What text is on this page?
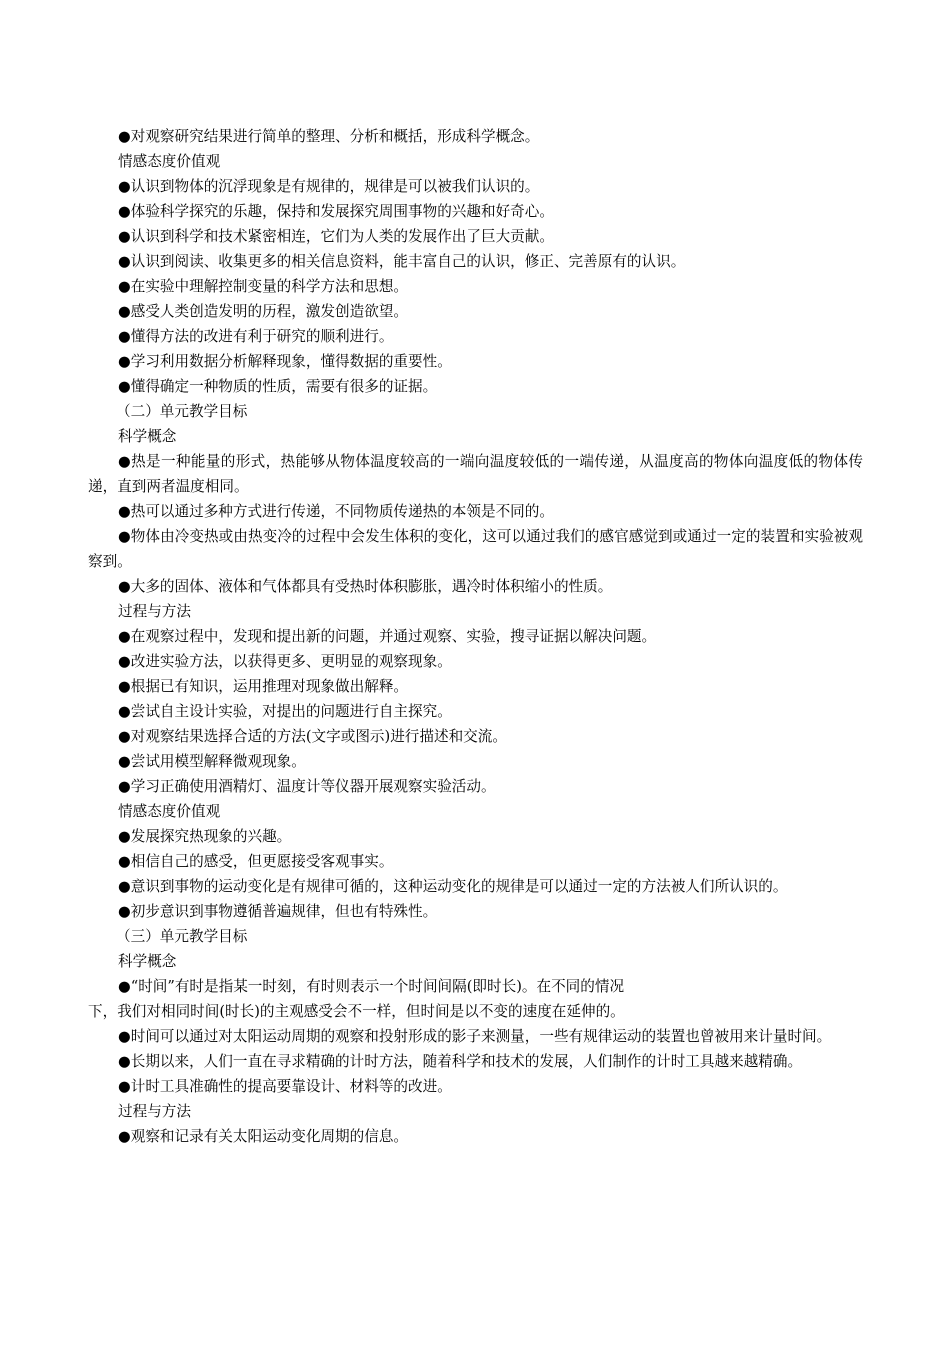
●对观察研究结果进行简单的整理、分析和概括，形成科学概念。

情感态度价值观

●认识到物体的沉浮现象是有规律的，规律是可以被我们认识的。

●体验科学探究的乐趣，保持和发展探究周围事物的兴趣和好奇心。

●认识到科学和技术紧密相连，它们为人类的发展作出了巨大贡献。

●认识到阅读、收集更多的相关信息资料，能丰富自己的认识，修正、完善原有的认识。

●在实验中理解控制变量的科学方法和思想。

●感受人类创造发明的历程，激发创造欲望。

●懂得方法的改进有利于研究的顺利进行。

●学习利用数据分析解释现象，懂得数据的重要性。

●懂得确定一种物质的性质，需要有很多的证据。

（二）单元教学目标

科学概念

●热是一种能量的形式，热能够从物体温度较高的一端向温度较低的一端传递，从温度高的物体向温度低的物体传递，直到两者温度相同。

●热可以通过多种方式进行传递，不同物质传递热的本领是不同的。

●物体由冷变热或由热变冷的过程中会发生体积的变化，这可以通过我们的感官感觉到或通过一定的装置和实验被观察到。

●大多的固体、液体和气体都具有受热时体积膨胀，遇冷时体积缩小的性质。

过程与方法

●在观察过程中，发现和提出新的问题，并通过观察、实验，搜寻证据以解决问题。

●改进实验方法，以获得更多、更明显的观察现象。

●根据已有知识，运用推理对现象做出解释。

●尝试自主设计实验，对提出的问题进行自主探究。

●对观察结果选择合适的方法(文字或图示)进行描述和交流。

●尝试用模型解释微观现象。

●学习正确使用酒精灯、温度计等仪器开展观察实验活动。

情感态度价值观

●发展探究热现象的兴趣。

●相信自己的感受，但更愿接受客观事实。

●意识到事物的运动变化是有规律可循的，这种运动变化的规律是可以通过一定的方法被人们所认识的。

●初步意识到事物遵循普遍规律，但也有特殊性。

（三）单元教学目标

科学概念

●“时间”有时是指某一时刻，有时则表示一个时间间隔(即时长)。在不同的情况

下，我们对相同时间(时长)的主观感受会不一样，但时间是以不变的速度在延伸的。

●时间可以通过对太阳运动周期的观察和投射形成的影子来测量，一些有规律运动的装置也曾被用来计量时间。

●长期以来，人们一直在寻求精确的计时方法，随着科学和技术的发展，人们制作的计时工具越来越精确。

●计时工具准确性的提高要靠设计、材料等的改进。

过程与方法

●观察和记录有关太阳运动变化周期的信息。
